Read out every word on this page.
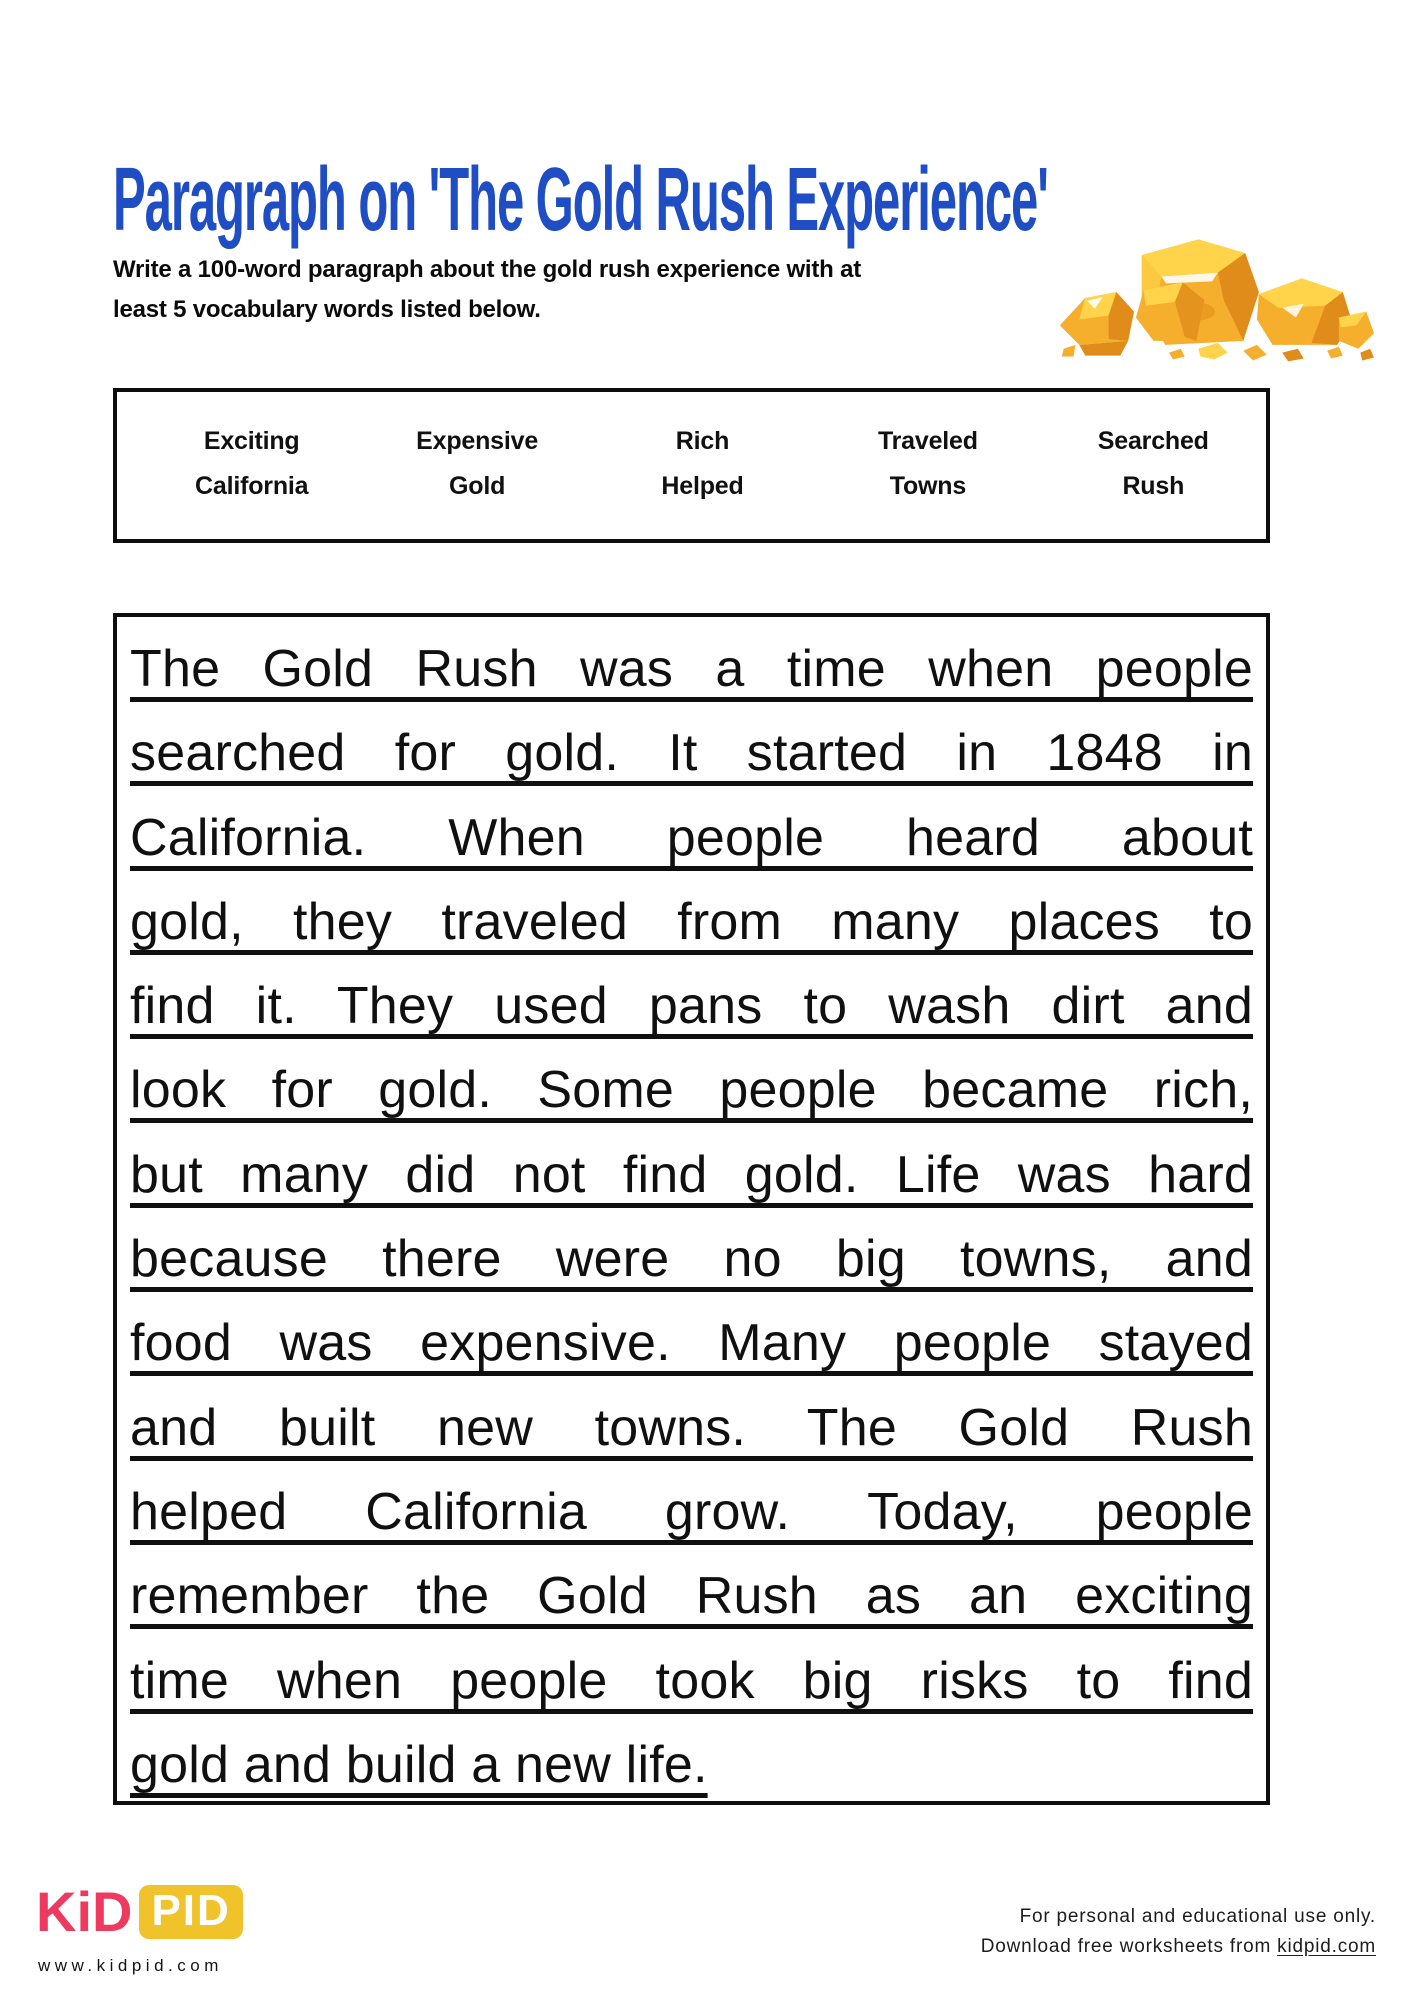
Paragraph on 'The Gold Rush Experience'
Write a 100-word paragraph about the gold rush experience with at
least 5 vocabulary words listed below.
Exciting	Expensive	Rich	Traveled	Searched
California	Gold	Helped	Towns	Rush
The Gold Rush was a time when people
searched for gold. It started in 1848 in
California. When people heard about
gold, they traveled from many places to
find it. They used pans to wash dirt and
look for gold. Some people became rich,
but many did not find gold. Life was hard
because there were no big towns, and
food was expensive. Many people stayed
and built new towns. The Gold Rush
helped California grow. Today, people
remember the Gold Rush as an exciting
time when people took big risks to find
gold and build a new life.
KiD PID
www.kidpid.com
For personal and educational use only.
Download free worksheets from kidpid.com
